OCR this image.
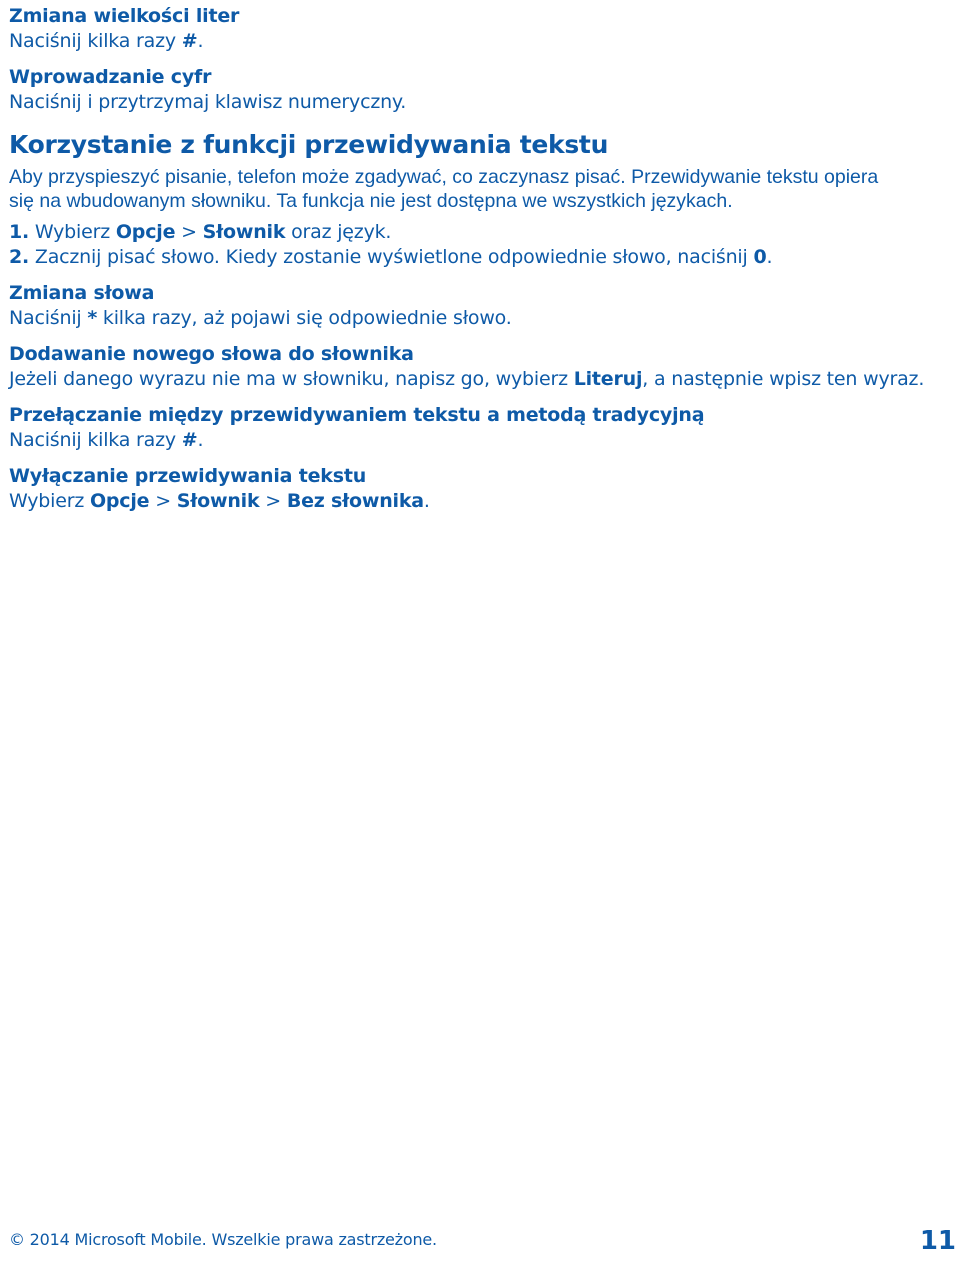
Zmiana wielkości liter

Naciśnij kilka razy #.

Wprowadzanie cyfr

Naciśnij i przytrzymaj klawisz numeryczny.

Korzystanie z funkcji przewidywania tekstu

Aby przyspieszyć pisanie, telefon może zgadywać, co zaczynasz pisać. Przewidywanie tekstu opiera

się na wbudowanym słowniku. Ta funkcja nie jest dostępna we wszystkich językach.

1. Wybierz Opcje > Słownik oraz język.

2. Zacznij pisać słowo. Kiedy zostanie wyświetlone odpowiednie słowo, naciśnij 0.

Zmiana słowa

Naciśnij * kilka razy, aż pojawi się odpowiednie słowo.

Dodawanie nowego słowa do słownika

Jeżeli danego wyrazu nie ma w słowniku, napisz go, wybierz Literuj, a następnie wpisz ten wyraz.

Przełączanie między przewidywaniem tekstu a metodą tradycyjną

Naciśnij kilka razy #.

Wyłączanie przewidywania tekstu

Wybierz Opcje > Słownik > Bez słownika.

© 2014 Microsoft Mobile. Wszelkie prawa zastrzeżone.	11
